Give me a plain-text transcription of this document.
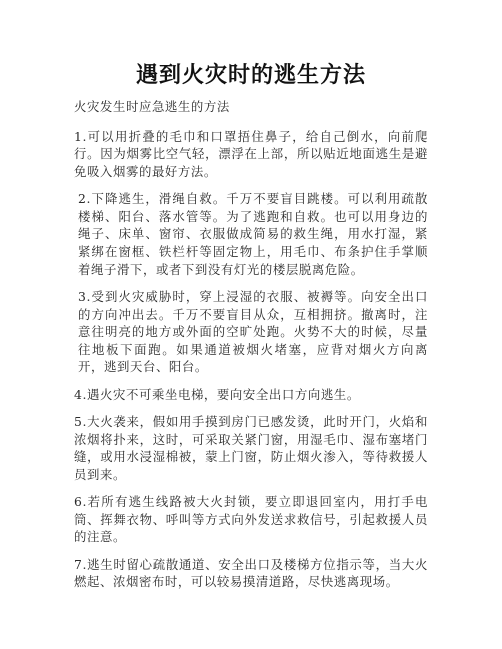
遇到火灾时的逃生方法

火灾发生时应急逃生的方法

1.可以用折叠的毛巾和口罩捂住鼻子，给自己倒水，向前爬行。因为烟雾比空气轻，漂浮在上部，所以贴近地面逃生是避免吸入烟雾的最好方法。

2.下降逃生，滑绳自救。千万不要盲目跳楼。可以利用疏散楼梯、阳台、落水管等。为了逃跑和自救。也可以用身边的绳子、床单、窗帘、衣服做成简易的救生绳，用水打湿，紧紧绑在窗框、铁栏杆等固定物上，用毛巾、布条护住手掌顺着绳子滑下，或者下到没有灯光的楼层脱离危险。

3.受到火灾威胁时，穿上浸湿的衣服、被褥等。向安全出口的方向冲出去。千万不要盲目从众，互相拥挤。撤离时，注意往明亮的地方或外面的空旷处跑。火势不大的时候，尽量往地板下面跑。如果通道被烟火堵塞，应背对烟火方向离开，逃到天台、阳台。

4.遇火灾不可乘坐电梯，要向安全出口方向逃生。

5.大火袭来，假如用手摸到房门已感发烫，此时开门，火焰和浓烟将扑来，这时，可采取关紧门窗，用湿毛巾、湿布塞堵门缝，或用水浸湿棉被，蒙上门窗，防止烟火渗入，等待救援人员到来。

6.若所有逃生线路被大火封锁，要立即退回室内，用打手电筒、挥舞衣物、呼叫等方式向外发送求救信号，引起救援人员的注意。

7.逃生时留心疏散通道、安全出口及楼梯方位指示等，当大火燃起、浓烟密布时，可以较易摸清道路，尽快逃离现场。
